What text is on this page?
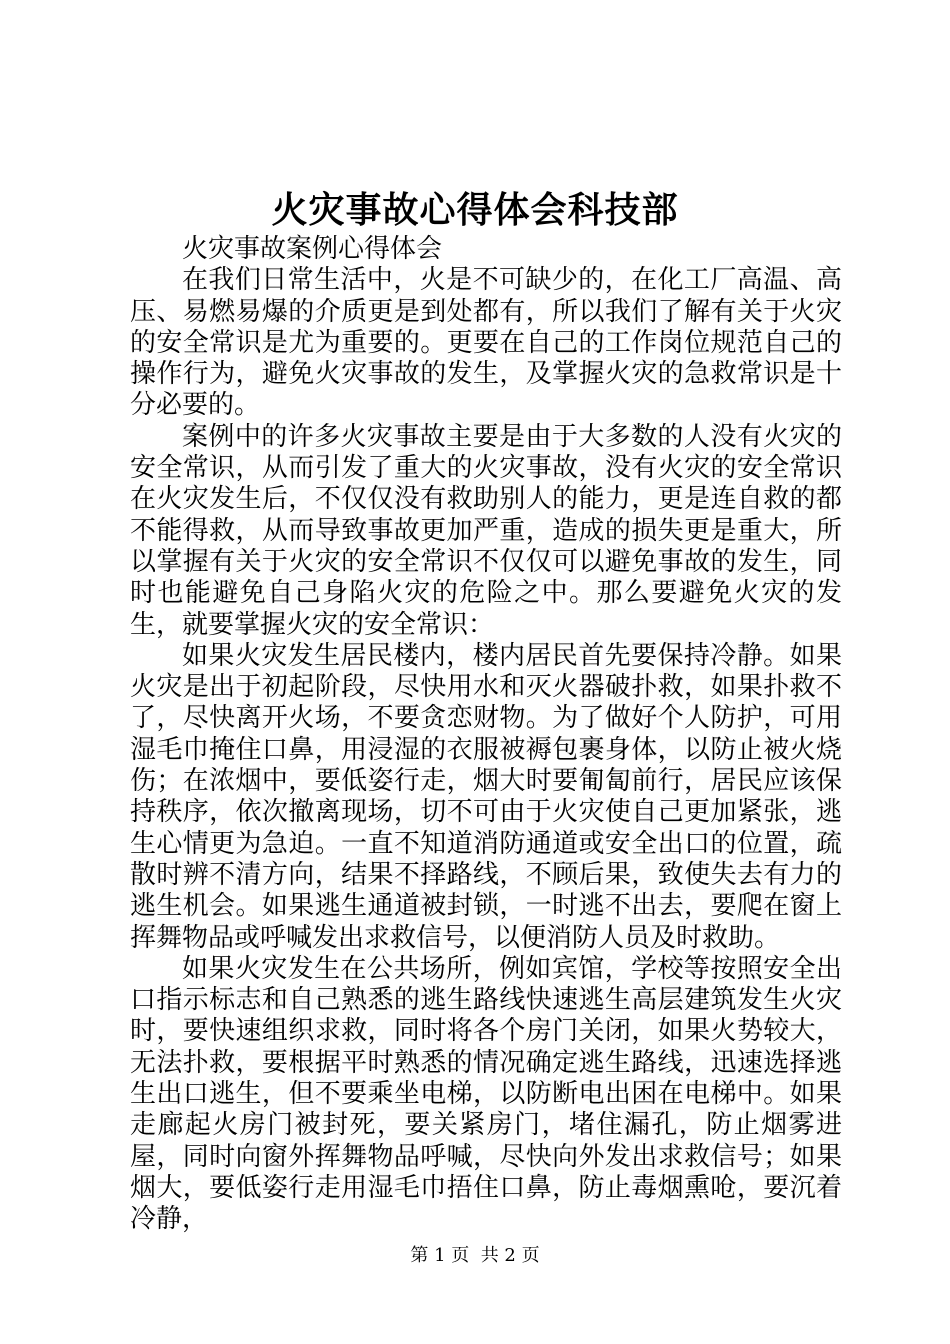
火灾事故心得体会科技部

火灾事故案例心得体会

在我们日常生活中，火是不可缺少的，在化工厂高温、高压、易燃易爆的介质更是到处都有，所以我们了解有关于火灾的安全常识是尤为重要的。更要在自己的工作岗位规范自己的操作行为，避免火灾事故的发生，及掌握火灾的急救常识是十分必要的。

案例中的许多火灾事故主要是由于大多数的人没有火灾的安全常识，从而引发了重大的火灾事故，没有火灾的安全常识在火灾发生后，不仅仅没有救助别人的能力，更是连自救的都不能得救，从而导致事故更加严重，造成的损失更是重大，所以掌握有关于火灾的安全常识不仅仅可以避免事故的发生，同时也能避免自己身陷火灾的危险之中。那么要避免火灾的发生，就要掌握火灾的安全常识：

如果火灾发生居民楼内，楼内居民首先要保持冷静。如果火灾是出于初起阶段，尽快用水和灭火器破扑救，如果扑救不了，尽快离开火场，不要贪恋财物。为了做好个人防护，可用湿毛巾掩住口鼻，用浸湿的衣服被褥包裹身体，以防止被火烧伤；在浓烟中，要低姿行走，烟大时要匍匐前行，居民应该保持秩序，依次撤离现场，切不可由于火灾使自己更加紧张，逃生心情更为急迫。一直不知道消防通道或安全出口的位置，疏散时辨不清方向，结果不择路线，不顾后果，致使失去有力的逃生机会。如果逃生通道被封锁，一时逃不出去，要爬在窗上挥舞物品或呼喊发出求救信号，以便消防人员及时救助。

如果火灾发生在公共场所，例如宾馆，学校等按照安全出口指示标志和自己熟悉的逃生路线快速逃生高层建筑发生火灾时，要快速组织求救，同时将各个房门关闭，如果火势较大，无法扑救，要根据平时熟悉的情况确定逃生路线，迅速选择逃生出口逃生，但不要乘坐电梯，以防断电出困在电梯中。如果走廊起火房门被封死，要关紧房门，堵住漏孔，防止烟雾进屋，同时向窗外挥舞物品呼喊，尽快向外发出求救信号；如果烟大，要低姿行走用湿毛巾捂住口鼻，防止毒烟熏呛，要沉着冷静，

第 1 页  共 2 页
